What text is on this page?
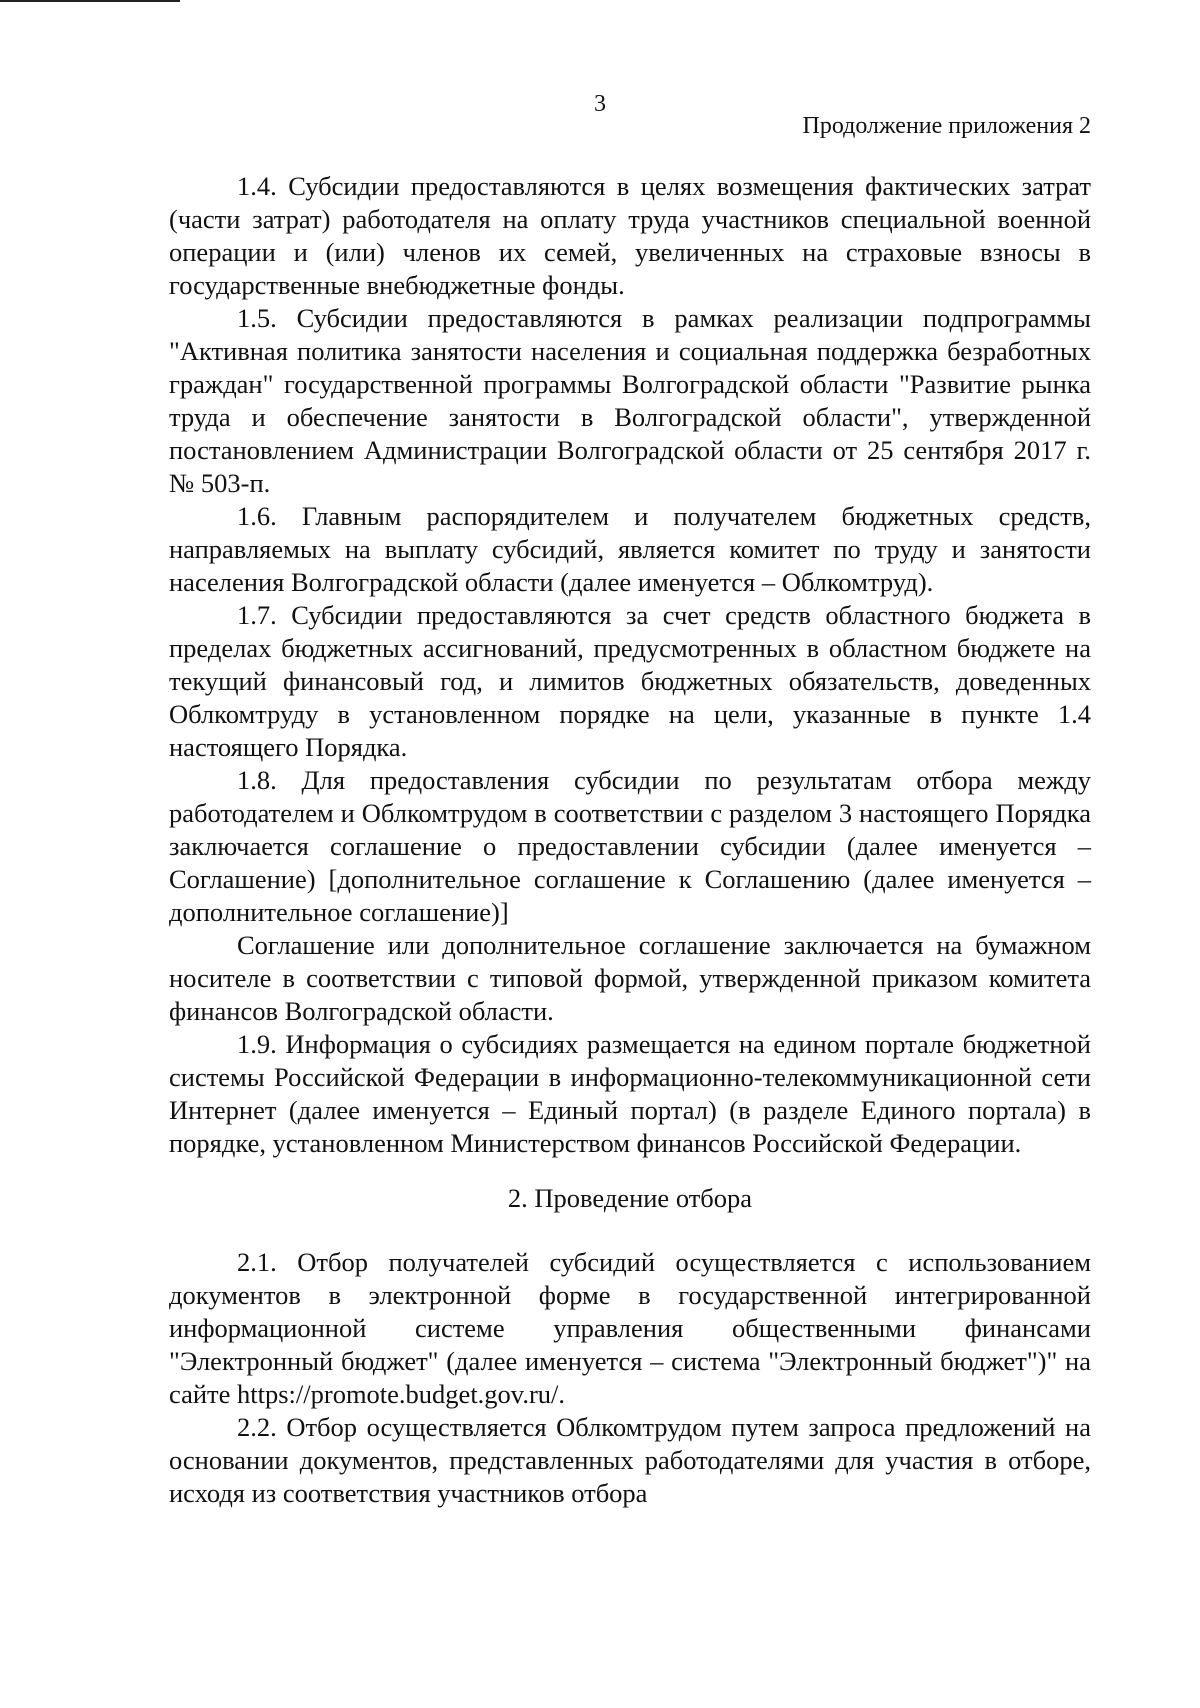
3
Продолжение приложения 2

1.4. Субсидии предоставляются в целях возмещения фактических затрат (части затрат) работодателя на оплату труда участников специальной военной операции и (или) членов их семей, увеличенных на страховые взносы в государственные внебюджетные фонды.

1.5. Субсидии предоставляются в рамках реализации подпрограммы "Активная политика занятости населения и социальная поддержка безработных граждан" государственной программы Волгоградской области "Развитие рынка труда и обеспечение занятости в Волгоградской области", утвержденной постановлением Администрации Волгоградской области от 25 сентября 2017 г. № 503-п.

1.6. Главным распорядителем и получателем бюджетных средств, направляемых на выплату субсидий, является комитет по труду и занятости населения Волгоградской области (далее именуется – Облкомтруд).

1.7. Субсидии предоставляются за счет средств областного бюджета в пределах бюджетных ассигнований, предусмотренных в областном бюджете на текущий финансовый год, и лимитов бюджетных обязательств, доведенных Облкомтруду в установленном порядке на цели, указанные в пункте 1.4 настоящего Порядка.

1.8. Для предоставления субсидии по результатам отбора между работодателем и Облкомтрудом в соответствии с разделом 3 настоящего Порядка заключается соглашение о предоставлении субсидии (далее именуется – Соглашение) [дополнительное соглашение к Соглашению (далее именуется – дополнительное соглашение)]

Соглашение или дополнительное соглашение заключается на бумажном носителе в соответствии с типовой формой, утвержденной приказом комитета финансов Волгоградской области.

1.9. Информация о субсидиях размещается на едином портале бюджетной системы Российской Федерации в информационно-телекоммуникационной сети Интернет (далее именуется – Единый портал) (в разделе Единого портала) в порядке, установленном Министерством финансов Российской Федерации.

2. Проведение отбора

2.1. Отбор получателей субсидий осуществляется с использованием документов в электронной форме в государственной интегрированной информационной системе управления общественными финансами "Электронный бюджет" (далее именуется – система "Электронный бюджет")" на сайте https://promote.budget.gov.ru/.

2.2. Отбор осуществляется Облкомтрудом путем запроса предложений на основании документов, представленных работодателями для участия в отборе, исходя из соответствия участников отбора
